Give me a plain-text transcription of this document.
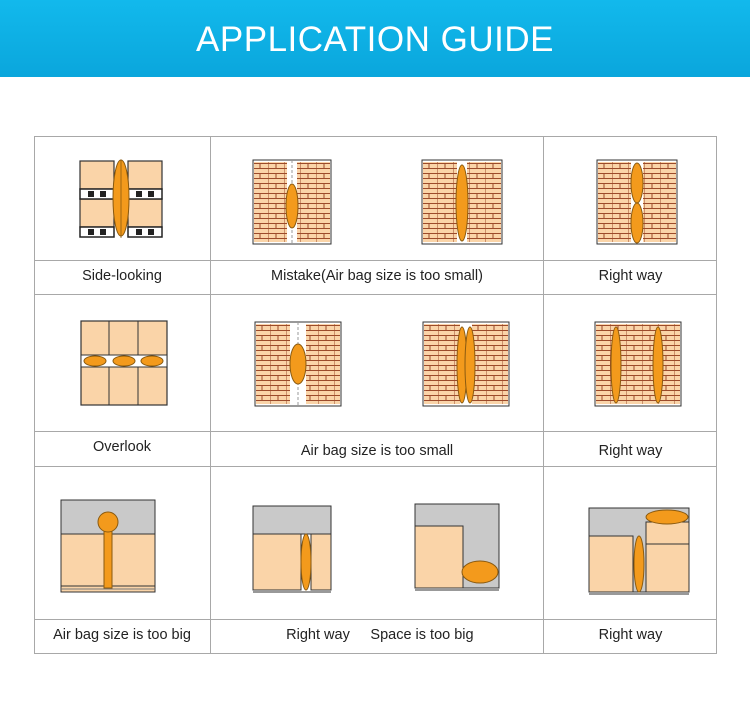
APPLICATION GUIDE
Side-looking	Mistake(Air bag size is too small)	Right way
Overlook	Air bag size is too small	Right way
Air bag size is too big	Right way	Space is too big	Right way
